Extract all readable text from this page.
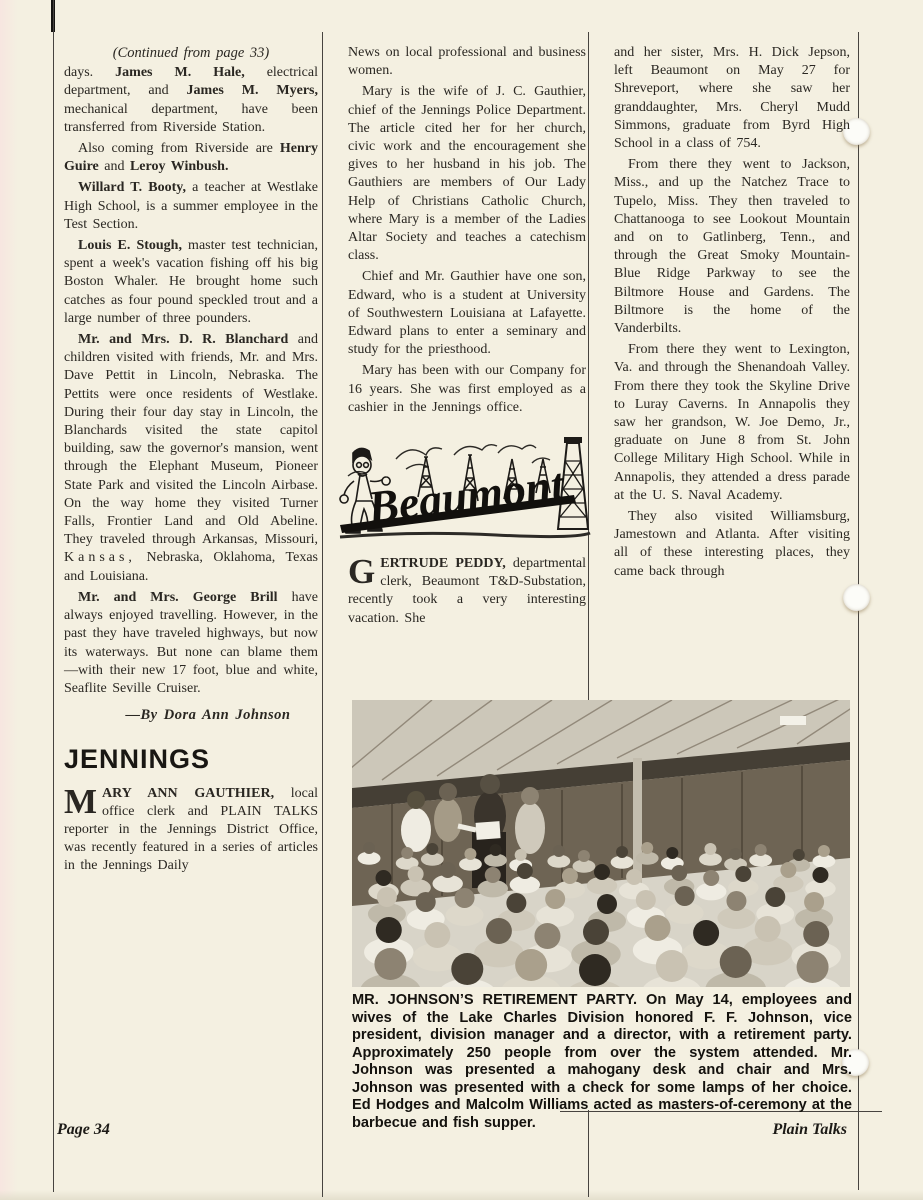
(Continued from page 33)

days. James M. Hale, electrical department, and James M. Myers, mechanical department, have been transferred from Riverside Station.

Also coming from Riverside are Henry Guire and Leroy Winbush.

Willard T. Booty, a teacher at Westlake High School, is a summer employee in the Test Section.

Louis E. Stough, master test technician, spent a week's vacation fishing off his big Boston Whaler. He brought home such catches as four pound speckled trout and a large number of three pounders.

Mr. and Mrs. D. R. Blanchard and children visited with friends, Mr. and Mrs. Dave Pettit in Lincoln, Nebraska. The Pettits were once residents of Westlake. During their four day stay in Lincoln, the Blanchards visited the state capitol building, saw the governor's mansion, went through the Elephant Museum, Pioneer State Park and visited the Lincoln Airbase. On the way home they visited Turner Falls, Frontier Land and Old Abeline. They traveled through Arkansas, Missouri, Kansas, Nebraska, Oklahoma, Texas and Louisiana.

Mr. and Mrs. George Brill have always enjoyed travelling. However, in the past they have traveled highways, but now its waterways. But none can blame them —with their new 17 foot, blue and white, Seaflite Seville Cruiser.

—By Dora Ann Johnson
JENNINGS

MARY ANN GAUTHIER, local office clerk and PLAIN TALKS reporter in the Jennings District Office, was recently featured in a series of articles in the Jennings Daily

News on local professional and business women.

Mary is the wife of J. C. Gauthier, chief of the Jennings Police Department. The article cited her for her church, civic work and the encouragement she gives to her husband in his job. The Gauthiers are members of Our Lady Help of Christians Catholic Church, where Mary is a member of the Ladies Altar Society and teaches a catechism class.

Chief and Mr. Gauthier have one son, Edward, who is a student at University of Southwestern Louisiana at Lafayette. Edward plans to enter a seminary and study for the priesthood.

Mary has been with our Company for 16 years. She was first employed as a cashier in the Jennings office.

Beaumont

GERTRUDE PEDDY, departmental clerk, Beaumont T&D-Substation, recently took a very interesting vacation. She

and her sister, Mrs. H. Dick Jepson, left Beaumont on May 27 for Shreveport, where she saw her granddaughter, Mrs. Cheryl Mudd Simmons, graduate from Byrd High School in a class of 754.

From there they went to Jackson, Miss., and up the Natchez Trace to Tupelo, Miss. They then traveled to Chattanooga to see Lookout Mountain and on to Gatlinberg, Tenn., and through the Great Smoky Mountain-Blue Ridge Parkway to see the Biltmore House and Gardens. The Biltmore is the home of the Vanderbilts.

From there they went to Lexington, Va. and through the Shenandoah Valley. From there they took the Skyline Drive to Luray Caverns. In Annapolis they saw her grandson, W. Joe Demo, Jr., graduate on June 8 from St. John College Military High School. While in Annapolis, they attended a dress parade at the U. S. Naval Academy.

They also visited Williamsburg, Jamestown and Atlanta. After visiting all of these interesting places, they came back through

MR. JOHNSON’S RETIREMENT PARTY. On May 14, employees and wives of the Lake Charles Division honored F. F. Johnson, vice president, division manager and a director, with a retirement party. Approximately 250 people from over the system attended. Mr. Johnson was presented a mahogany desk and chair and Mrs. Johnson was presented with a check for some lamps of her choice. Ed Hodges and Malcolm Williams acted as masters-of-ceremony at the barbecue and fish supper.
Page 34	Plain Talks
